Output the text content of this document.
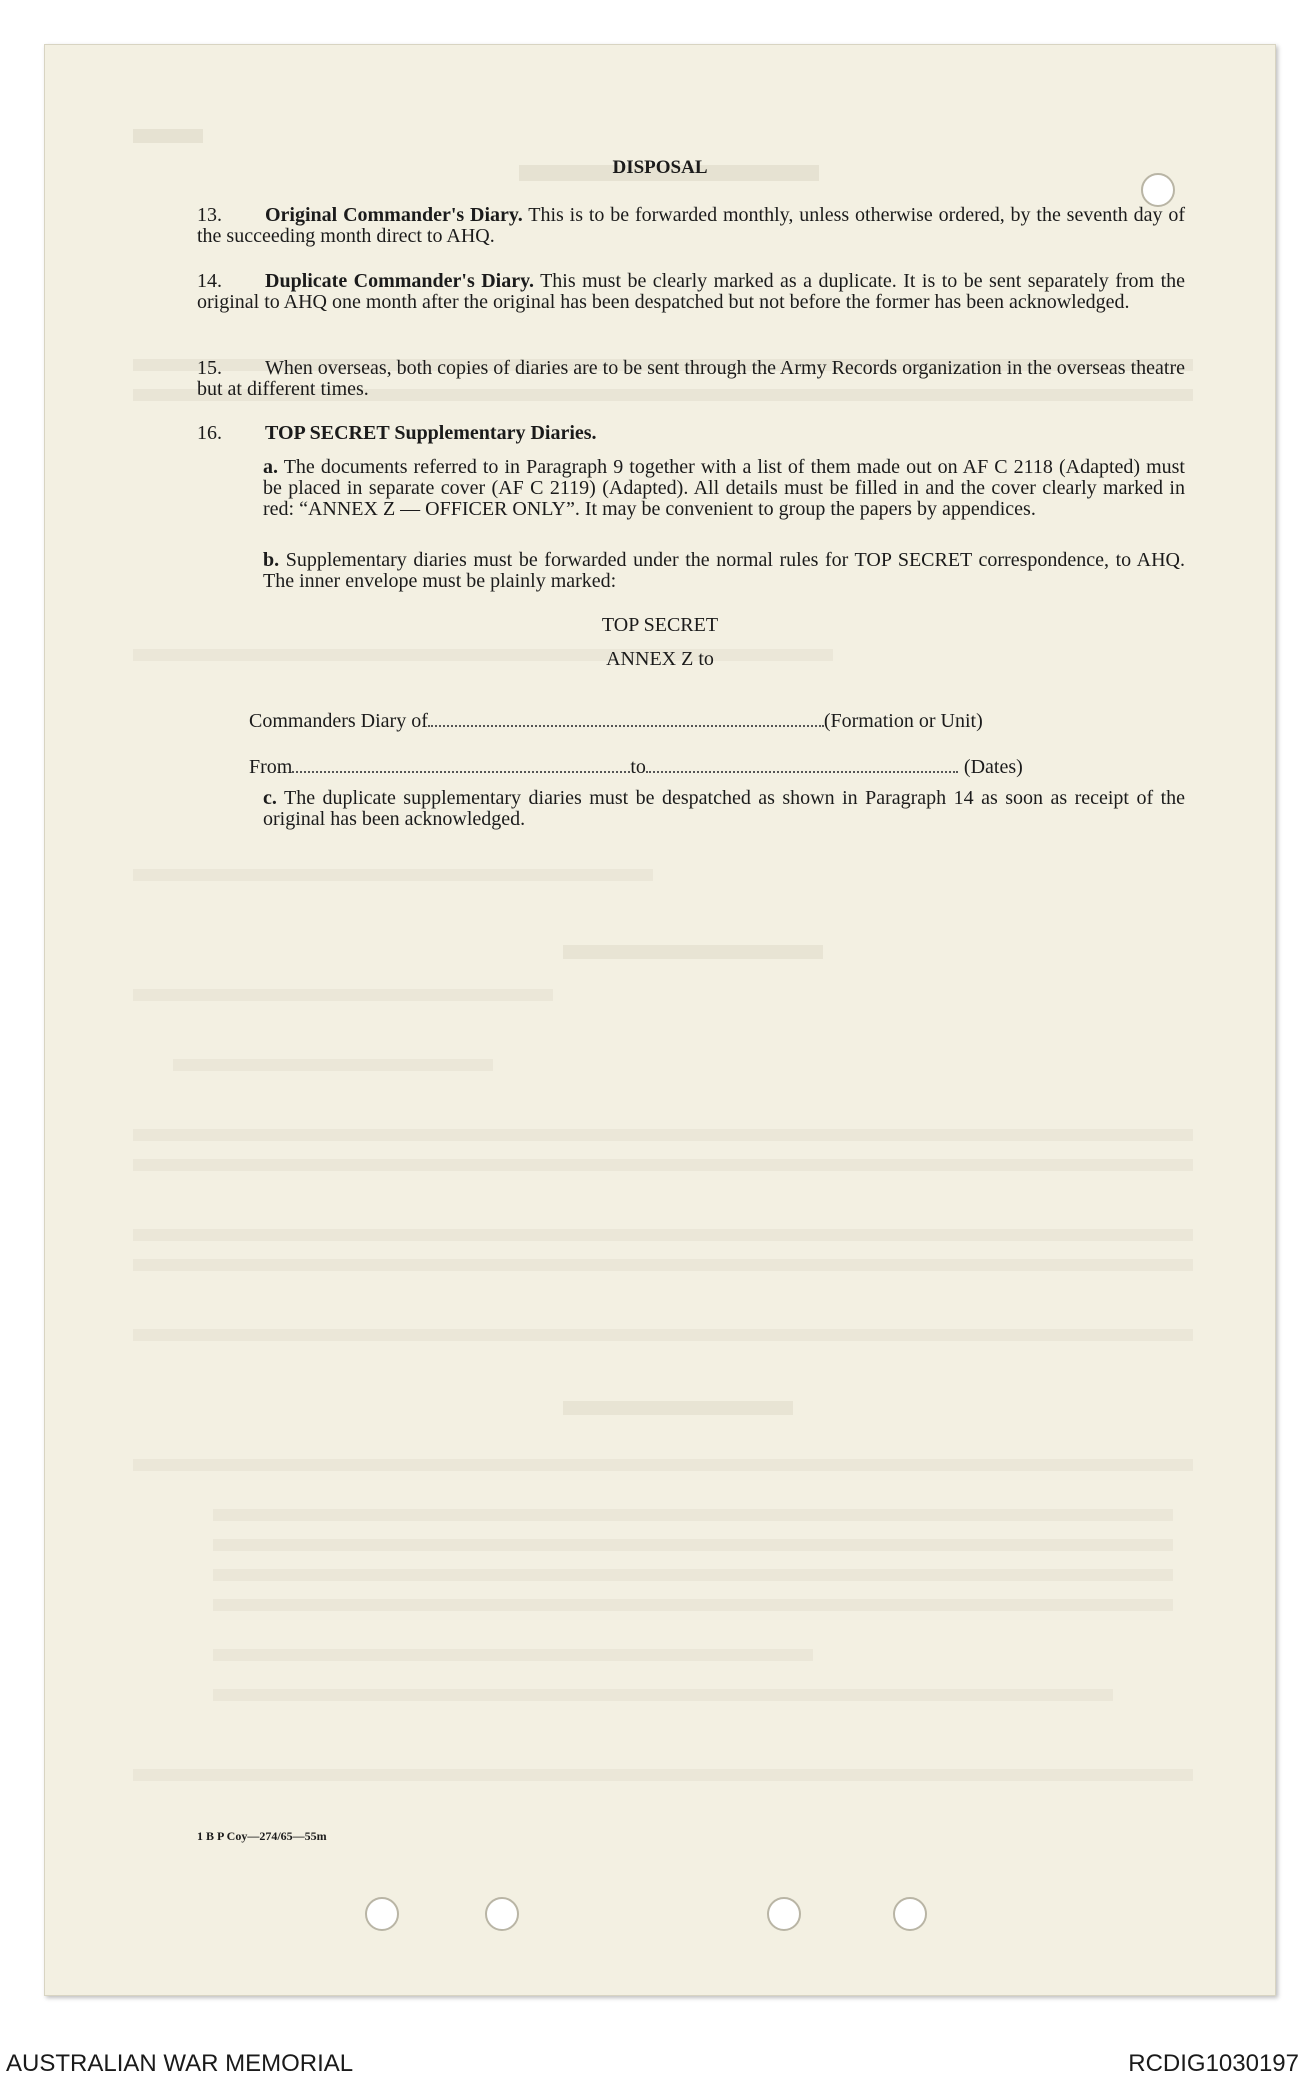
DISPOSAL
13. Original Commander's Diary. This is to be forwarded monthly, unless otherwise ordered, by the seventh day of the succeeding month direct to AHQ.
14. Duplicate Commander's Diary. This must be clearly marked as a duplicate. It is to be sent separately from the original to AHQ one month after the original has been despatched but not before the former has been acknowledged.
15. When overseas, both copies of diaries are to be sent through the Army Records organization in the overseas theatre but at different times.
16. TOP SECRET Supplementary Diaries.
a. The documents referred to in Paragraph 9 together with a list of them made out on AF C 2118 (Adapted) must be placed in separate cover (AF C 2119) (Adapted). All details must be filled in and the cover clearly marked in red: “ANNEX Z — OFFICER ONLY”. It may be convenient to group the papers by appendices.
b. Supplementary diaries must be forwarded under the normal rules for TOP SECRET correspondence, to AHQ. The inner envelope must be plainly marked:
TOP SECRET
ANNEX Z to
Commanders Diary of	(Formation or Unit)
From	to	(Dates)
c. The duplicate supplementary diaries must be despatched as shown in Paragraph 14 as soon as receipt of the original has been acknowledged.
1 B P Coy—274/65—55m
AUSTRALIAN WAR MEMORIAL	RCDIG1030197
